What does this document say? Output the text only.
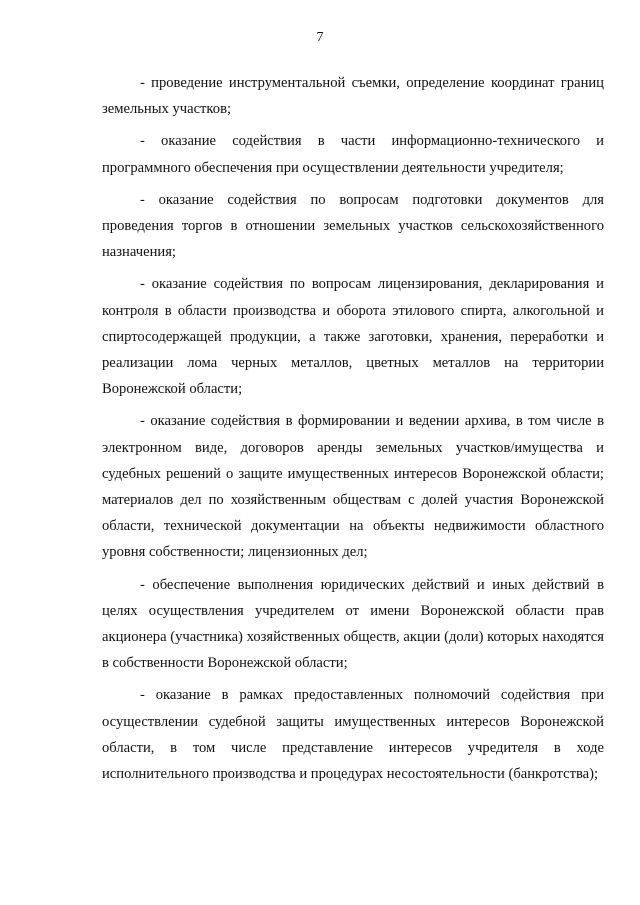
7

- проведение инструментальной съемки, определение координат границ земельных участков;

- оказание содействия в части информационно-технического и программного обеспечения при осуществлении деятельности учредителя;

- оказание содействия по вопросам подготовки документов для проведения торгов в отношении земельных участков сельскохозяйственного назначения;

- оказание содействия по вопросам лицензирования, декларирования и контроля в области производства и оборота этилового спирта, алкогольной и спиртосодержащей продукции, а также заготовки, хранения, переработки и реализации лома черных металлов, цветных металлов на территории Воронежской области;

- оказание содействия в формировании и ведении архива, в том числе в электронном виде, договоров аренды земельных участков/имущества и судебных решений о защите имущественных интересов Воронежской области; материалов дел по хозяйственным обществам с долей участия Воронежской области, технической документации на объекты недвижимости областного уровня собственности; лицензионных дел;

- обеспечение выполнения юридических действий и иных действий в целях осуществления учредителем от имени Воронежской области прав акционера (участника) хозяйственных обществ, акции (доли) которых находятся в собственности Воронежской области;

- оказание в рамках предоставленных полномочий содействия при осуществлении судебной защиты имущественных интересов Воронежской области, в том числе представление интересов учредителя в ходе исполнительного производства и процедурах несостоятельности (банкротства);
